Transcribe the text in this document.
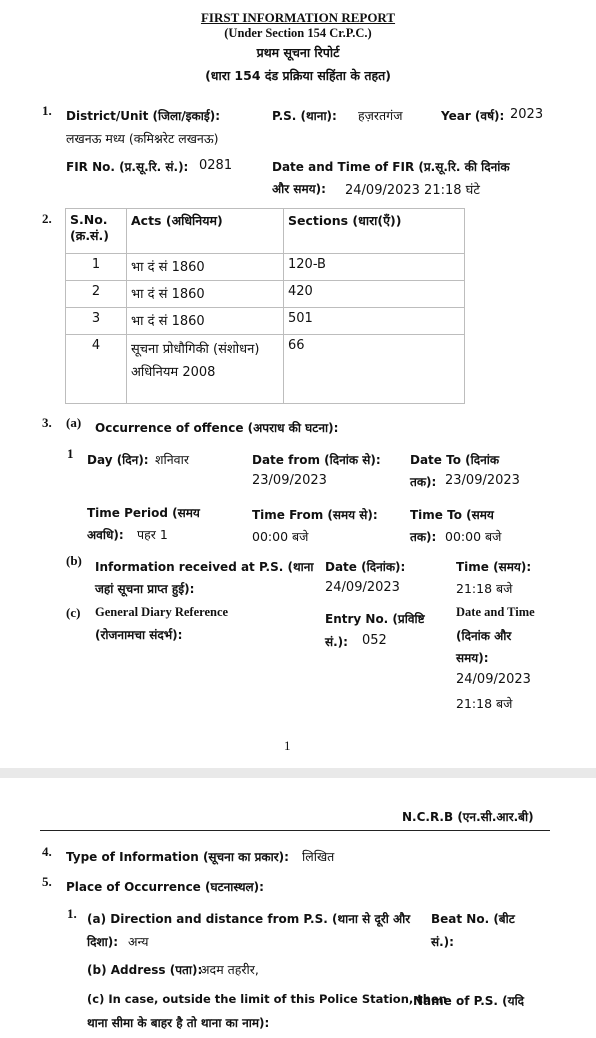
FIRST INFORMATION REPORT
(Under Section 154 Cr.P.C.)
प्रथम सूचना रिपोर्ट
(धारा 154 दंड प्रक्रिया सहिंता के तहत)
1. District/Unit (जिला/इकाई):
लखनऊ मध्य (कमिश्नरेट लखनऊ)
P.S. (थाना): हज़रतगंज	Year (वर्ष): 2023
FIR No. (प्र.सू.रि. सं.): 0281	Date and Time of FIR (प्र.सू.रि. की दिनांक
और समय): 24/09/2023 21:18 घंटे
2. S.No. (क्र.सं.)	Acts (अधिनियम)	Sections (धारा(एँ))
1	भा दं सं 1860	120-B
2	भा दं सं 1860	420
3	भा दं सं 1860	501
4	सूचना प्रोधौगिकी (संशोधन) अधिनियम 2008	66
3. (a) Occurrence of offence (अपराध की घटना):
1 Day (दिन): शनिवार	Date from (दिनांक से):
23/09/2023
Date To (दिनांक
तक): 23/09/2023
Time Period (समय
अवधि): पहर 1
Time From (समय से):
00:00 बजे
Time To (समय
तक): 00:00 बजे
(b) Information received at P.S. (थाना
जहां सूचना प्राप्त हुई):
Date (दिनांक):
24/09/2023
Time (समय):
21:18 बजे
(c) General Diary Reference
(रोजनामचा संदर्भ):
Entry No. (प्रविष्टि
सं.): 052
Date and Time
(दिनांक और
समय):
24/09/2023
21:18 बजे
1
N.C.R.B (एन.सी.आर.बी)
4. Type of Information (सूचना का प्रकार): लिखित
5. Place of Occurrence (घटनास्थल):
1. (a) Direction and distance from P.S. (थाना से दूरी और
दिशा): अन्य
Beat No. (बीट
सं.):
(b) Address (पता):
अदम तहरीर,
(c) In case, outside the limit of this Police Station, then
थाना सीमा के बाहर है तो थाना का नाम):
Name of P.S. (यदि
